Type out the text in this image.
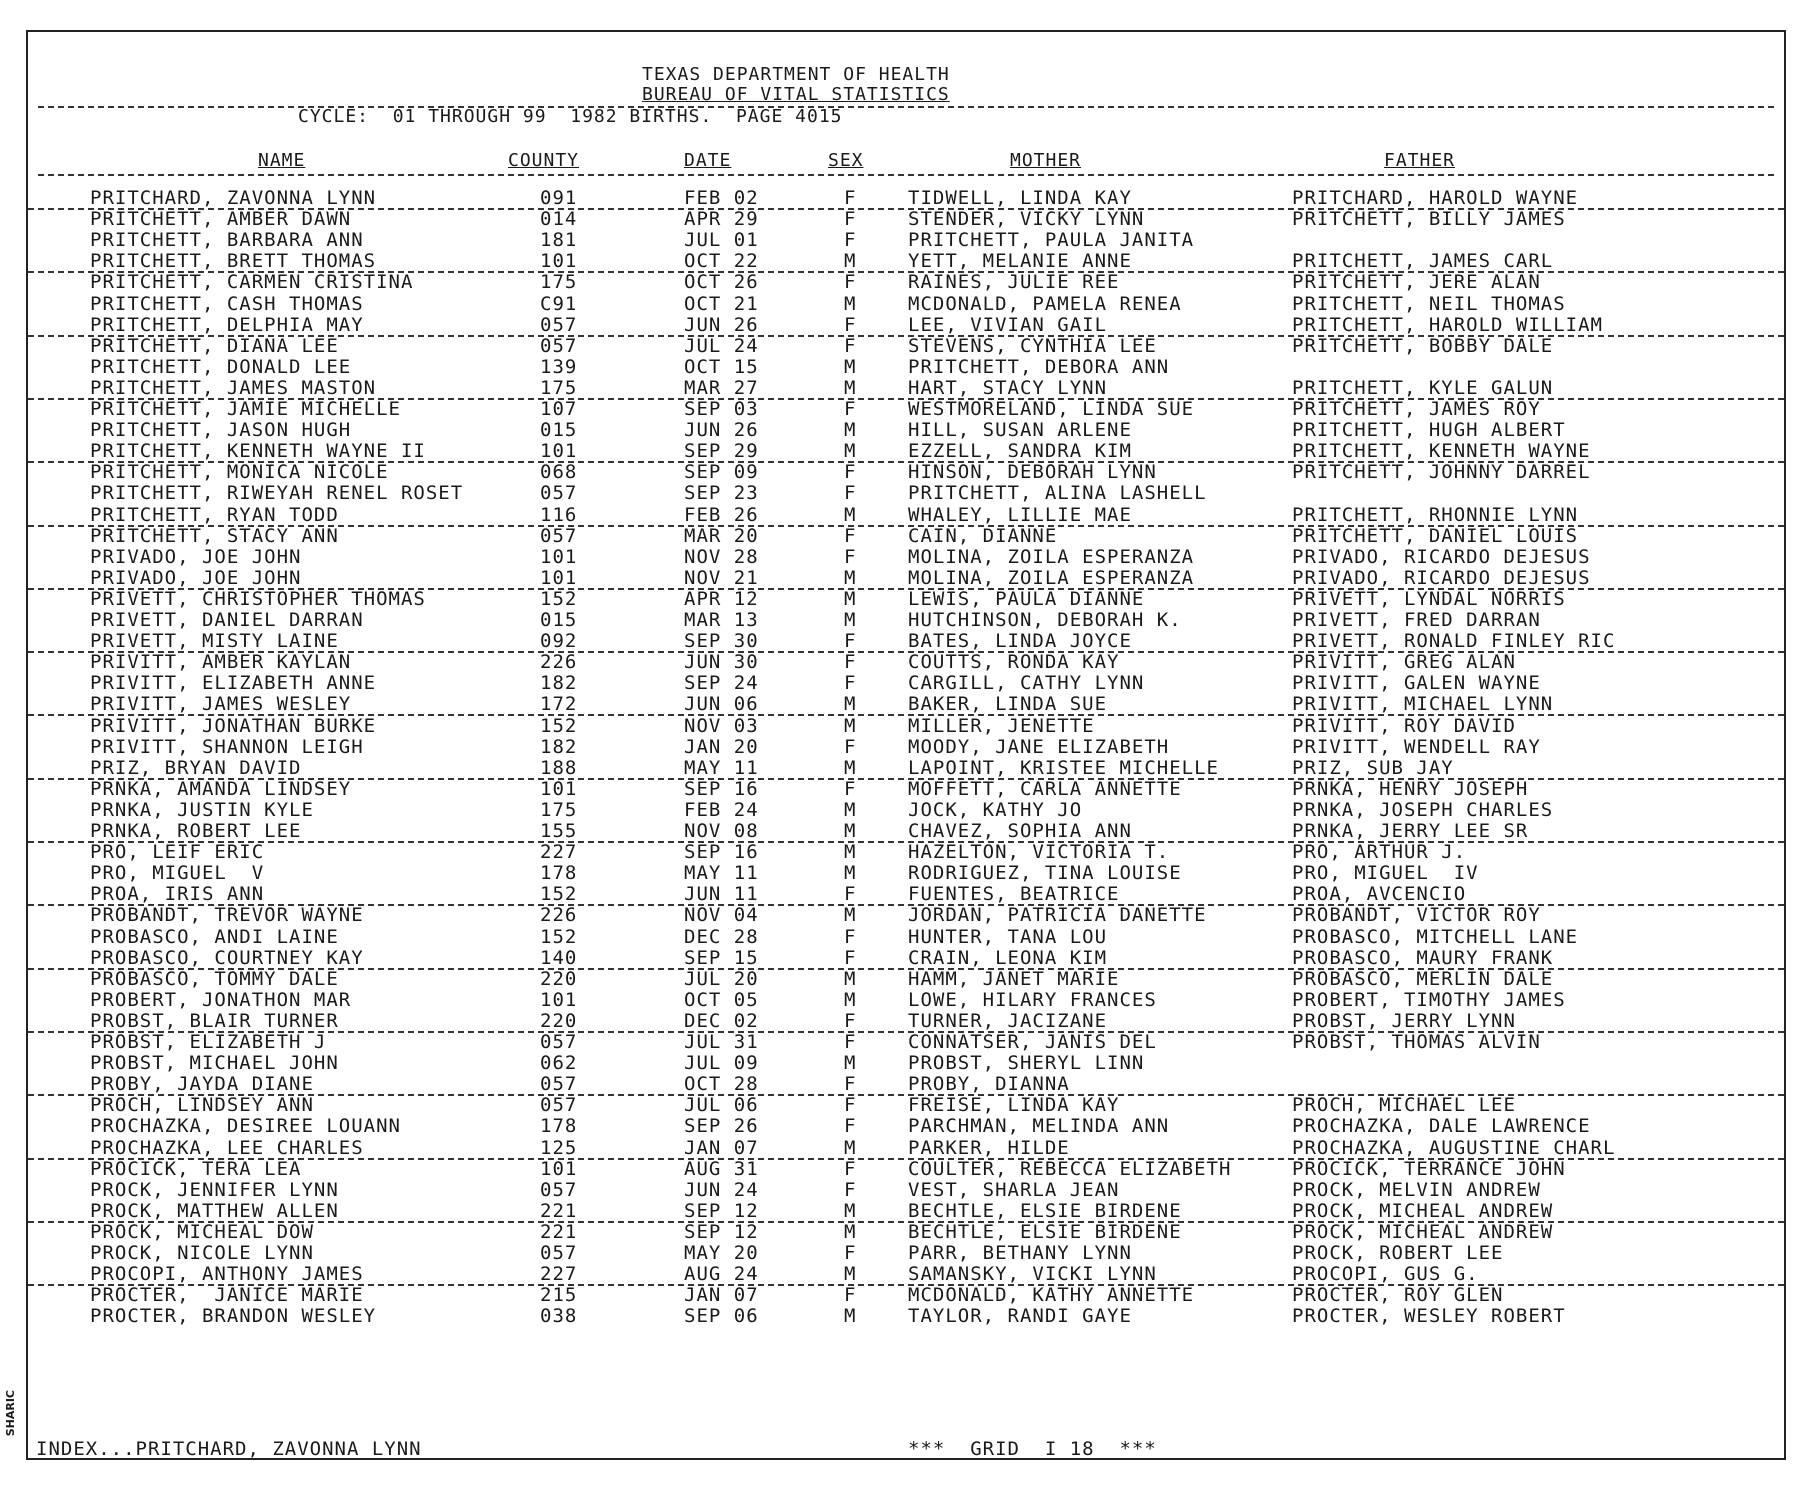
TEXAS DEPARTMENT OF HEALTH
BUREAU OF VITAL STATISTICS
CYCLE:  01 THROUGH 99  1982 BIRTHS.  PAGE 4015
NAME	COUNTY	DATE	SEX	MOTHER	FATHER
PRITCHARD, ZAVONNA LYNN	091	FEB 02	F	TIDWELL, LINDA KAY	PRITCHARD, HAROLD WAYNE
PRITCHETT, AMBER DAWN	014	APR 29	F	STENDER, VICKY LYNN	PRITCHETT, BILLY JAMES
PRITCHETT, BARBARA ANN	181	JUL 01	F	PRITCHETT, PAULA JANITA
PRITCHETT, BRETT THOMAS	101	OCT 22	M	YETT, MELANIE ANNE	PRITCHETT, JAMES CARL
PRITCHETT, CARMEN CRISTINA	175	OCT 26	F	RAINES, JULIE REE	PRITCHETT, JERE ALAN
PRITCHETT, CASH THOMAS	C91	OCT 21	M	MCDONALD, PAMELA RENEA	PRITCHETT, NEIL THOMAS
PRITCHETT, DELPHIA MAY	057	JUN 26	F	LEE, VIVIAN GAIL	PRITCHETT, HAROLD WILLIAM
PRITCHETT, DIANA LEE	057	JUL 24	F	STEVENS, CYNTHIA LEE	PRITCHETT, BOBBY DALE
PRITCHETT, DONALD LEE	139	OCT 15	M	PRITCHETT, DEBORA ANN
PRITCHETT, JAMES MASTON	175	MAR 27	M	HART, STACY LYNN	PRITCHETT, KYLE GALUN
PRITCHETT, JAMIE MICHELLE	107	SEP 03	F	WESTMORELAND, LINDA SUE	PRITCHETT, JAMES ROY
PRITCHETT, JASON HUGH	015	JUN 26	M	HILL, SUSAN ARLENE	PRITCHETT, HUGH ALBERT
PRITCHETT, KENNETH WAYNE II	101	SEP 29	M	EZZELL, SANDRA KIM	PRITCHETT, KENNETH WAYNE
PRITCHETT, MONICA NICOLE	068	SEP 09	F	HINSON, DEBORAH LYNN	PRITCHETT, JOHNNY DARREL
PRITCHETT, RIWEYAH RENEL ROSET	057	SEP 23	F	PRITCHETT, ALINA LASHELL
PRITCHETT, RYAN TODD	116	FEB 26	M	WHALEY, LILLIE MAE	PRITCHETT, RHONNIE LYNN
PRITCHETT, STACY ANN	057	MAR 20	F	CAIN, DIANNE	PRITCHETT, DANIEL LOUIS
PRIVADO, JOE JOHN	101	NOV 28	F	MOLINA, ZOILA ESPERANZA	PRIVADO, RICARDO DEJESUS
PRIVADO, JOE JOHN	101	NOV 21	M	MOLINA, ZOILA ESPERANZA	PRIVADO, RICARDO DEJESUS
PRIVETT, CHRISTOPHER THOMAS	152	APR 12	M	LEWIS, PAULA DIANNE	PRIVETT, LYNDAL NORRIS
PRIVETT, DANIEL DARRAN	015	MAR 13	M	HUTCHINSON, DEBORAH K.	PRIVETT, FRED DARRAN
PRIVETT, MISTY LAINE	092	SEP 30	F	BATES, LINDA JOYCE	PRIVETT, RONALD FINLEY RIC
PRIVITT, AMBER KAYLAN	226	JUN 30	F	COUTTS, RONDA KAY	PRIVITT, GREG ALAN
PRIVITT, ELIZABETH ANNE	182	SEP 24	F	CARGILL, CATHY LYNN	PRIVITT, GALEN WAYNE
PRIVITT, JAMES WESLEY	172	JUN 06	M	BAKER, LINDA SUE	PRIVITT, MICHAEL LYNN
PRIVITT, JONATHAN BURKE	152	NOV 03	M	MILLER, JENETTE	PRIVITT, ROY DAVID
PRIVITT, SHANNON LEIGH	182	JAN 20	F	MOODY, JANE ELIZABETH	PRIVITT, WENDELL RAY
PRIZ, BRYAN DAVID	188	MAY 11	M	LAPOINT, KRISTEE MICHELLE	PRIZ, SUB JAY
PRNKA, AMANDA LINDSEY	101	SEP 16	F	MOFFETT, CARLA ANNETTE	PRNKA, HENRY JOSEPH
PRNKA, JUSTIN KYLE	175	FEB 24	M	JOCK, KATHY JO	PRNKA, JOSEPH CHARLES
PRNKA, ROBERT LEE	155	NOV 08	M	CHAVEZ, SOPHIA ANN	PRNKA, JERRY LEE SR
PRO, LEIF ERIC	227	SEP 16	M	HAZELTON, VICTORIA T.	PRO, ARTHUR J.
PRO, MIGUEL  V	178	MAY 11	M	RODRIGUEZ, TINA LOUISE	PRO, MIGUEL  IV
PROA, IRIS ANN	152	JUN 11	F	FUENTES, BEATRICE	PROA, AVCENCIO
PROBANDT, TREVOR WAYNE	226	NOV 04	M	JORDAN, PATRICIA DANETTE	PROBANDT, VICTOR ROY
PROBASCO, ANDI LAINE	152	DEC 28	F	HUNTER, TANA LOU	PROBASCO, MITCHELL LANE
PROBASCO, COURTNEY KAY	140	SEP 15	F	CRAIN, LEONA KIM	PROBASCO, MAURY FRANK
PROBASCO, TOMMY DALE	220	JUL 20	M	HAMM, JANET MARIE	PROBASCO, MERLIN DALE
PROBERT, JONATHON MAR	101	OCT 05	M	LOWE, HILARY FRANCES	PROBERT, TIMOTHY JAMES
PROBST, BLAIR TURNER	220	DEC 02	F	TURNER, JACIZANE	PROBST, JERRY LYNN
PROBST, ELIZABETH J	057	JUL 31	F	CONNATSER, JANIS DEL	PROBST, THOMAS ALVIN
PROBST, MICHAEL JOHN	062	JUL 09	M	PROBST, SHERYL LINN
PROBY, JAYDA DIANE	057	OCT 28	F	PROBY, DIANNA
PROCH, LINDSEY ANN	057	JUL 06	F	FREISE, LINDA KAY	PROCH, MICHAEL LEE
PROCHAZKA, DESIREE LOUANN	178	SEP 26	F	PARCHMAN, MELINDA ANN	PROCHAZKA, DALE LAWRENCE
PROCHAZKA, LEE CHARLES	125	JAN 07	M	PARKER, HILDE	PROCHAZKA, AUGUSTINE CHARL
PROCICK, TERA LEA	101	AUG 31	F	COULTER, REBECCA ELIZABETH	PROCICK, TERRANCE JOHN
PROCK, JENNIFER LYNN	057	JUN 24	F	VEST, SHARLA JEAN	PROCK, MELVIN ANDREW
PROCK, MATTHEW ALLEN	221	SEP 12	M	BECHTLE, ELSIE BIRDENE	PROCK, MICHEAL ANDREW
PROCK, MICHEAL DOW	221	SEP 12	M	BECHTLE, ELSIE BIRDENE	PROCK, MICHEAL ANDREW
PROCK, NICOLE LYNN	057	MAY 20	F	PARR, BETHANY LYNN	PROCK, ROBERT LEE
PROCOPI, ANTHONY JAMES	227	AUG 24	M	SAMANSKY, VICKI LYNN	PROCOPI, GUS G.
PROCTER,  JANICE MARIE	215	JAN 07	F	MCDONALD, KATHY ANNETTE	PROCTER, ROY GLEN
PROCTER, BRANDON WESLEY	038	SEP 06	M	TAYLOR, RANDI GAYE	PROCTER, WESLEY ROBERT
INDEX...PRITCHARD, ZAVONNA LYNN	***  GRID  I 18  ***
SHARIC
